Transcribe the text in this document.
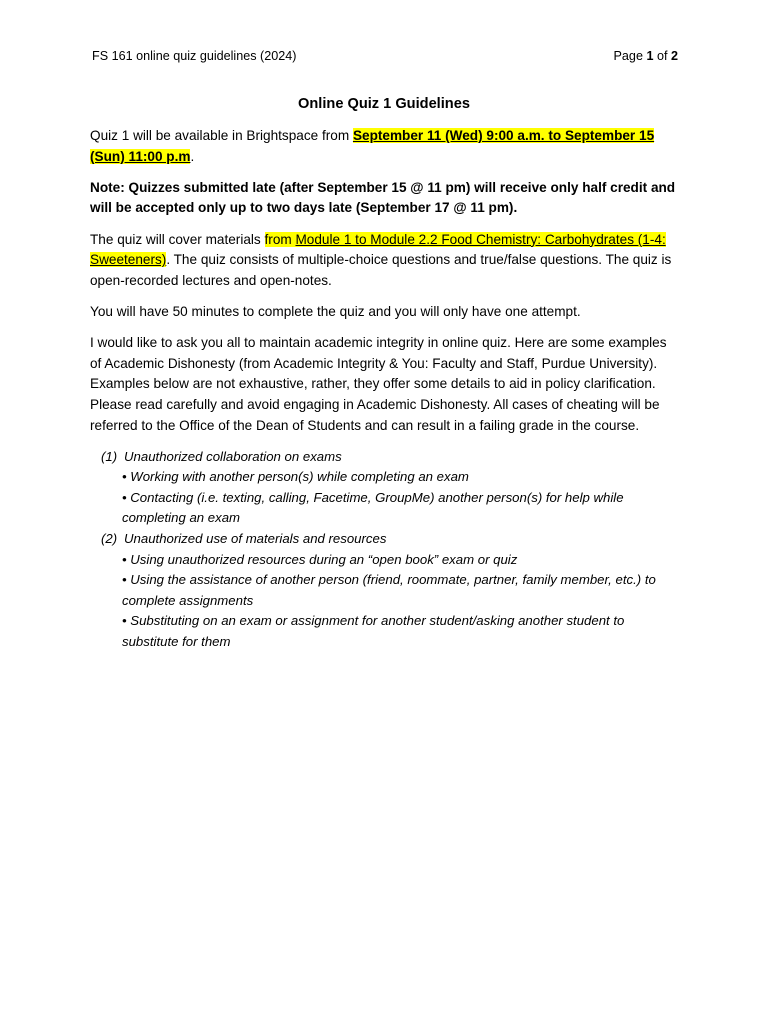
FS 161 online quiz guidelines (2024)	Page 1 of 2
Online Quiz 1 Guidelines

Quiz 1 will be available in Brightspace from September 11 (Wed) 9:00 a.m. to September 15 (Sun) 11:00 p.m.

Note: Quizzes submitted late (after September 15 @ 11 pm) will receive only half credit and will be accepted only up to two days late (September 17 @ 11 pm).

The quiz will cover materials from Module 1 to Module 2.2 Food Chemistry: Carbohydrates (1-4: Sweeteners). The quiz consists of multiple-choice questions and true/false questions. The quiz is open-recorded lectures and open-notes.

You will have 50 minutes to complete the quiz and you will only have one attempt.

I would like to ask you all to maintain academic integrity in online quiz. Here are some examples of Academic Dishonesty (from Academic Integrity & You: Faculty and Staff, Purdue University). Examples below are not exhaustive, rather, they offer some details to aid in policy clarification. Please read carefully and avoid engaging in Academic Dishonesty. All cases of cheating will be referred to the Office of the Dean of Students and can result in a failing grade in the course.

(1) Unauthorized collaboration on exams
• Working with another person(s) while completing an exam
• Contacting (i.e. texting, calling, Facetime, GroupMe) another person(s) for help while completing an exam
(2) Unauthorized use of materials and resources
• Using unauthorized resources during an “open book” exam or quiz
• Using the assistance of another person (friend, roommate, partner, family member, etc.) to complete assignments
• Substituting on an exam or assignment for another student/asking another student to substitute for them
